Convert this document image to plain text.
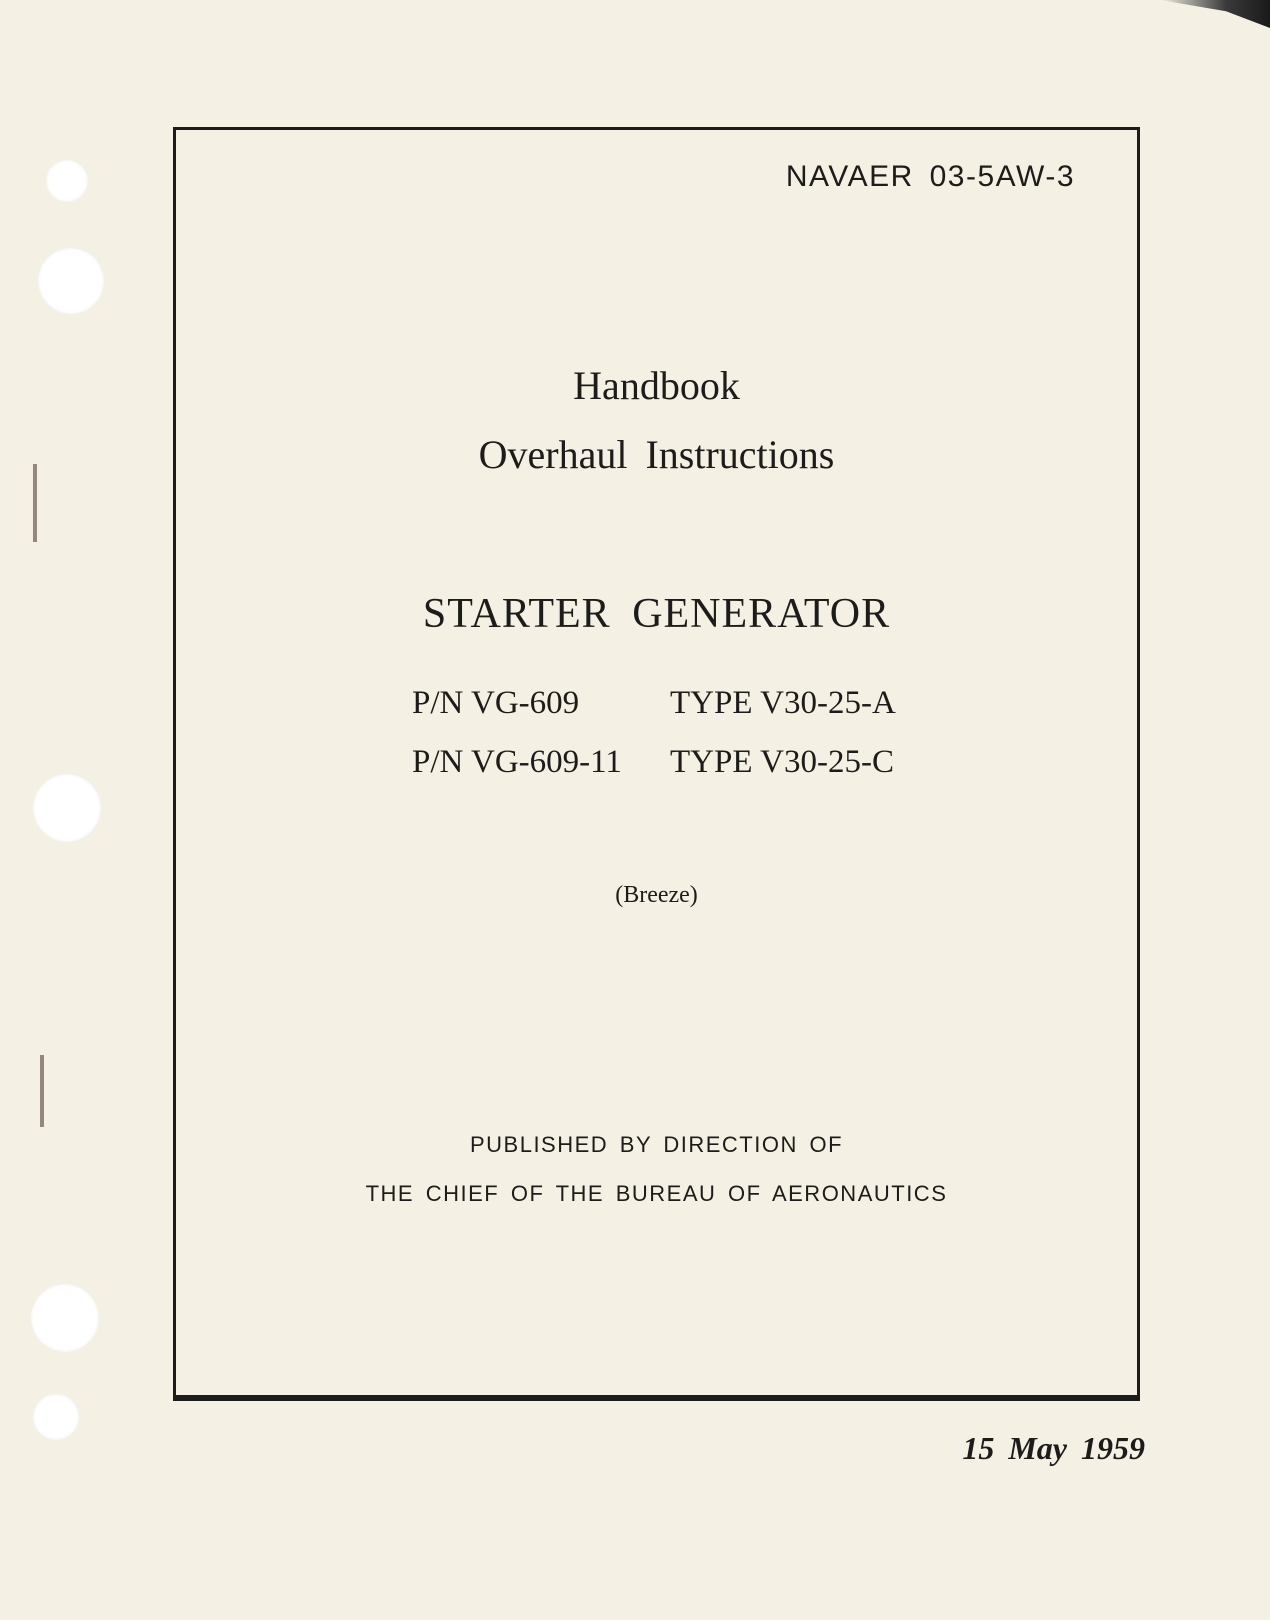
NAVAER 03-5AW-3
Handbook
Overhaul Instructions
STARTER GENERATOR
P/N VG-609	TYPE V30-25-A
P/N VG-609-11 TYPE V30-25-C
(Breeze)
PUBLISHED BY DIRECTION OF
THE CHIEF OF THE BUREAU OF AERONAUTICS
15 May 1959
